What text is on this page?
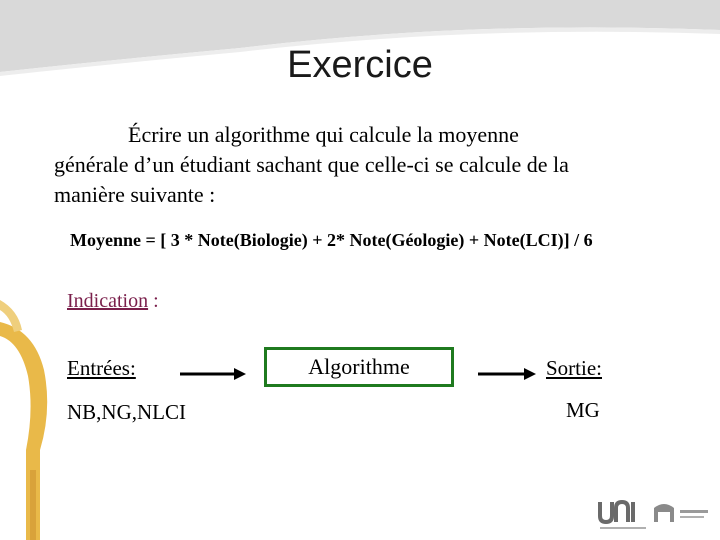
Exercice
Écrire un algorithme qui calcule la moyenne
générale d’un étudiant sachant que celle-ci se calcule de la
manière suivante :
Moyenne = [ 3 * Note(Biologie) + 2* Note(Géologie) + Note(LCI)] / 6
Indication :
Entrées:
NB,NG,NLCI
Algorithme	Sortie:
MG
